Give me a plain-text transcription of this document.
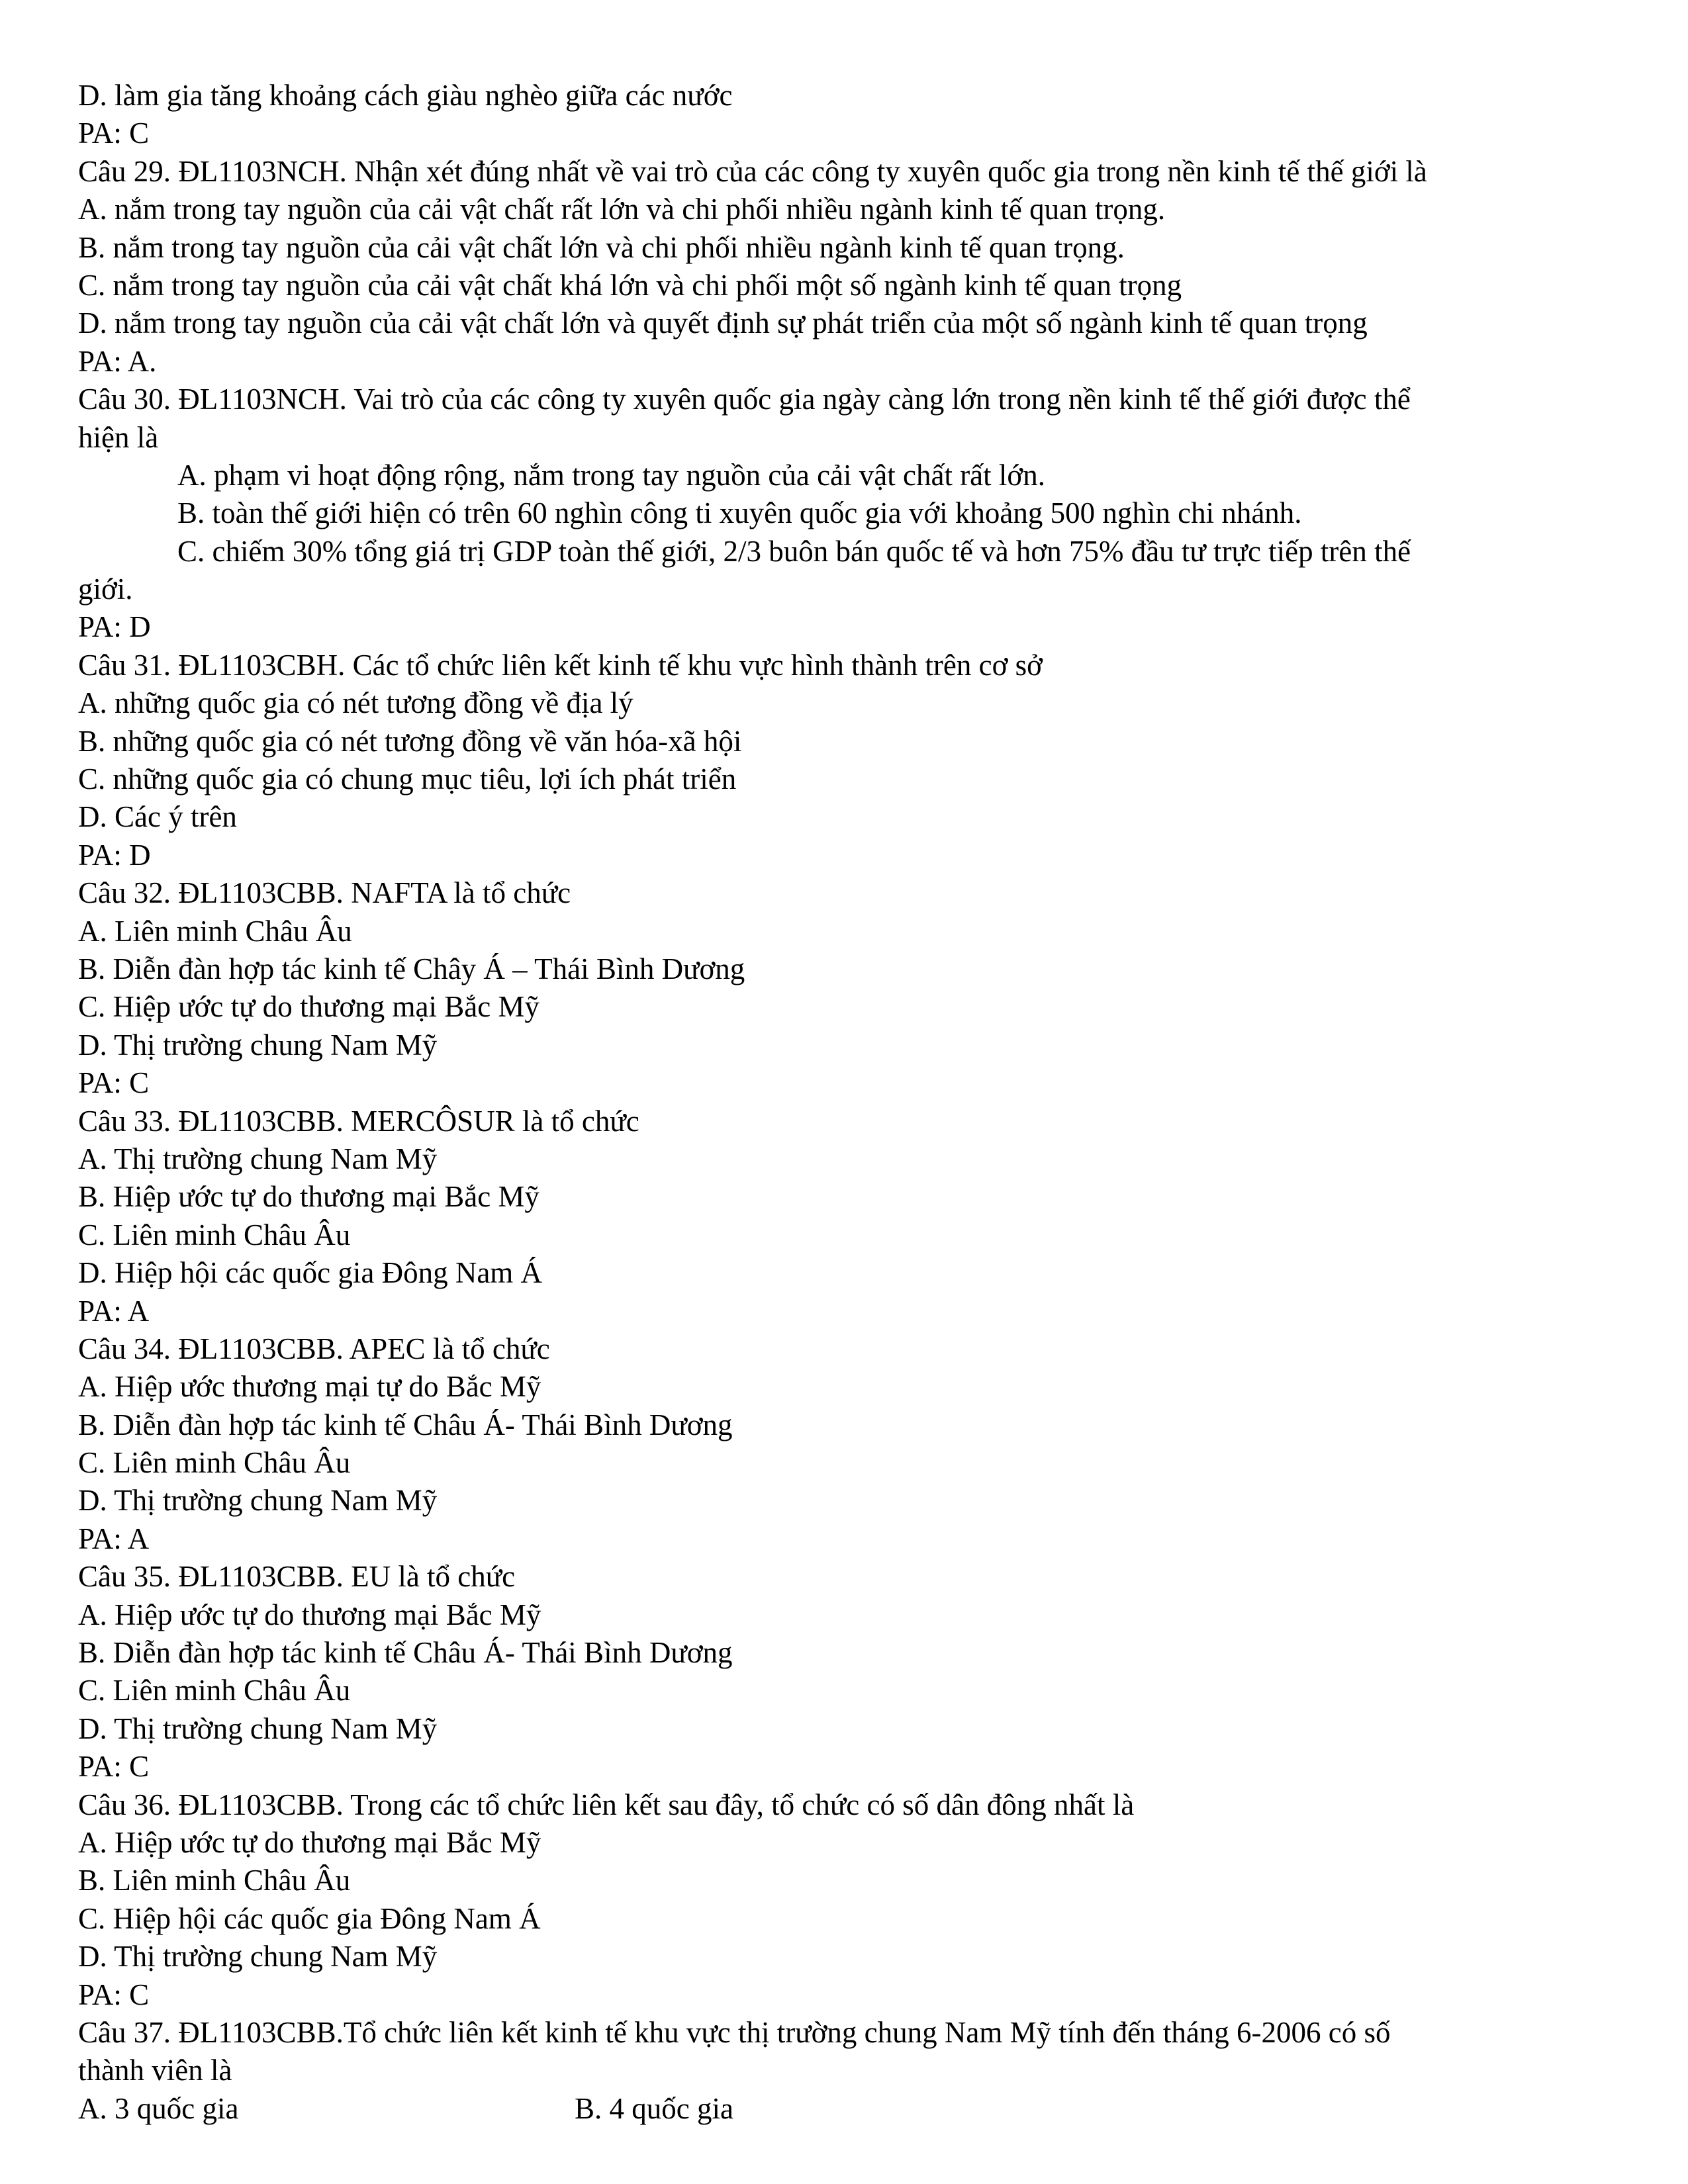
D. làm gia tăng khoảng cách giàu nghèo giữa các nước
PA: C
Câu 29. ĐL1103NCH. Nhận xét đúng nhất về vai trò của các công ty xuyên quốc gia trong nền kinh tế thế giới là
A. nắm trong tay nguồn của cải vật chất rất lớn và chi phối nhiều ngành kinh tế quan trọng.
B. nắm trong tay nguồn của cải vật chất lớn và chi phối nhiều ngành kinh tế quan trọng.
C. nắm trong tay nguồn của cải vật chất khá lớn và chi phối một số ngành kinh tế quan trọng
D. nắm trong tay nguồn của cải vật chất lớn và quyết định sự phát triển của một số ngành kinh tế quan trọng
PA: A.
Câu 30. ĐL1103NCH. Vai trò của các công ty xuyên quốc gia ngày càng lớn trong nền kinh tế thế giới được thể
hiện là
A. phạm vi hoạt động rộng, nắm trong tay nguồn của cải vật chất rất lớn.
B. toàn thế giới hiện có trên 60 nghìn công ti xuyên quốc gia với khoảng 500 nghìn chi nhánh.
C. chiếm 30% tổng giá trị GDP toàn thế giới, 2/3 buôn bán quốc tế và hơn 75% đầu tư trực tiếp trên thế
giới.
PA: D
Câu 31. ĐL1103CBH. Các tổ chức liên kết kinh tế khu vực hình thành trên cơ sở
A. những quốc gia có nét tương đồng về địa lý
B. những quốc gia có nét tương đồng về văn hóa-xã hội
C. những quốc gia có chung mục tiêu, lợi ích phát triển
D. Các ý trên
PA: D
Câu 32. ĐL1103CBB. NAFTA là tổ chức
A. Liên minh Châu Âu
B. Diễn đàn hợp tác kinh tế Chây Á – Thái Bình Dương
C. Hiệp ước tự do thương mại Bắc Mỹ
D. Thị trường chung Nam Mỹ
PA: C
Câu 33. ĐL1103CBB. MERCÔSUR là tổ chức
A. Thị trường chung Nam Mỹ
B. Hiệp ước tự do thương mại Bắc Mỹ
C. Liên minh Châu Âu
D. Hiệp hội các quốc gia Đông Nam Á
PA: A
Câu 34. ĐL1103CBB. APEC là tổ chức
A. Hiệp ước thương mại tự do Bắc Mỹ
B. Diễn đàn hợp tác kinh tế Châu Á- Thái Bình Dương
C. Liên minh Châu Âu
D. Thị trường chung Nam Mỹ
PA: A
Câu 35. ĐL1103CBB. EU là tổ chức
A. Hiệp ước tự do thương mại Bắc Mỹ
B. Diễn đàn hợp tác kinh tế Châu Á- Thái Bình Dương
C. Liên minh Châu Âu
D. Thị trường chung Nam Mỹ
PA: C
Câu 36. ĐL1103CBB. Trong các tổ chức liên kết sau đây, tổ chức có số dân đông nhất là
A. Hiệp ước tự do thương mại Bắc Mỹ
B. Liên minh Châu Âu
C. Hiệp hội các quốc gia Đông Nam Á
D. Thị trường chung Nam Mỹ
PA: C
Câu 37. ĐL1103CBB.Tổ chức liên kết kinh tế khu vực thị trường chung Nam Mỹ tính đến tháng 6-2006 có số
thành viên là
A. 3 quốc gia	B. 4 quốc gia
